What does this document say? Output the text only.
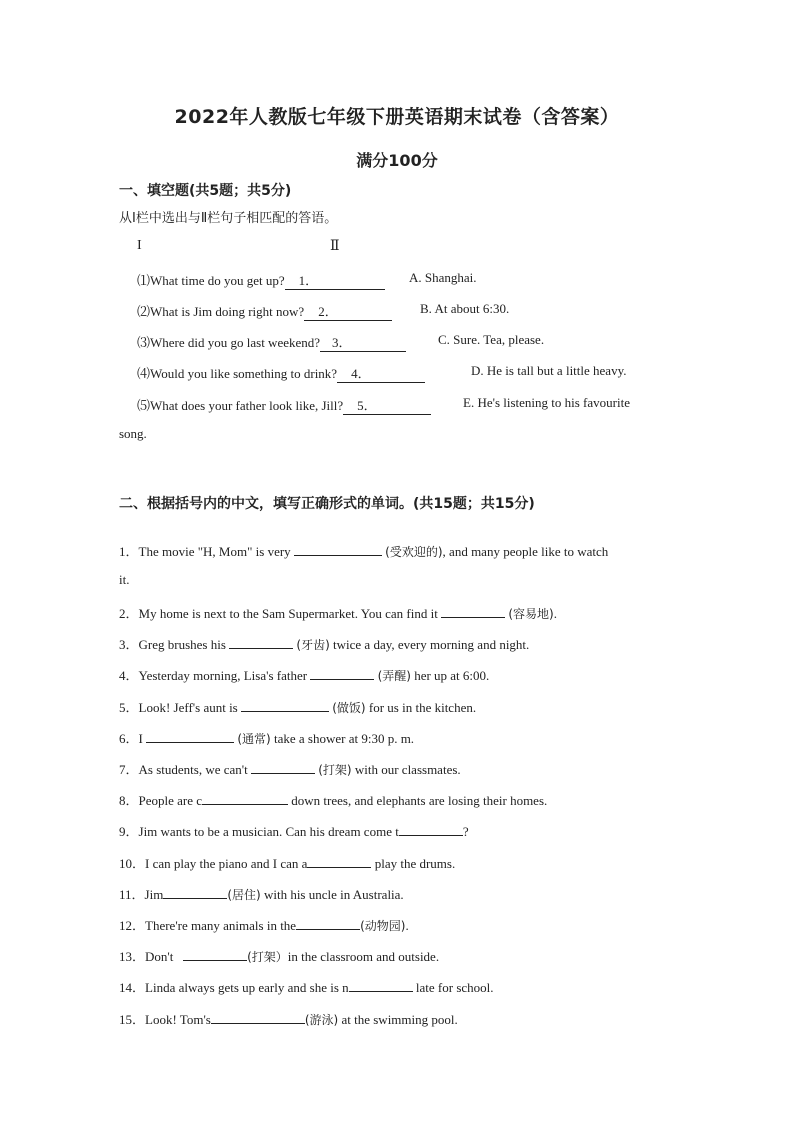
2022年人教版七年级下册英语期末试卷（含答案）
满分100分
一、填空题(共5题；共5分)
从Ⅰ栏中选出与Ⅱ栏句子相匹配的答语。
I	Ⅱ
⑴What time do you get up? 1．	A. Shanghai.
⑵What is Jim doing right now? 2．	B. At about 6:30.
⑶Where did you go last weekend? 3．	C. Sure. Tea, please.
⑷Would you like something to drink? 4．	D. He is tall but a little heavy.
⑸What does your father look like, Jill? 5．	E. He's listening to his favourite
song.
二、根据括号内的中文，填写正确形式的单词。(共15题；共15分)
1．The movie "H, Mom" is very	(受欢迎的), and many people like to watch
it.
2．My home is next to the Sam Supermarket. You can find it	(容易地).
3．Greg brushes his	(牙齿) twice a day, every morning and night.
4．Yesterday morning, Lisa's father	(弄醒) her up at 6:00.
5．Look! Jeff's aunt is	(做饭) for us in the kitchen.
6．I	(通常) take a shower at 9:30 p. m.
7．As students, we can't	(打架) with our classmates.
8．People are c	down trees, and elephants are losing their homes.
9．Jim wants to be a musician. Can his dream come t	?
10．I can play the piano and I can a	play the drums.
11．Jim	(居住) with his uncle in Australia.
12．There're many animals in the	(动物园).
13．Don't	(打架）in the classroom and outside.
14．Linda always gets up early and she is n	late for school.
15．Look! Tom's	(游泳) at the swimming pool.
